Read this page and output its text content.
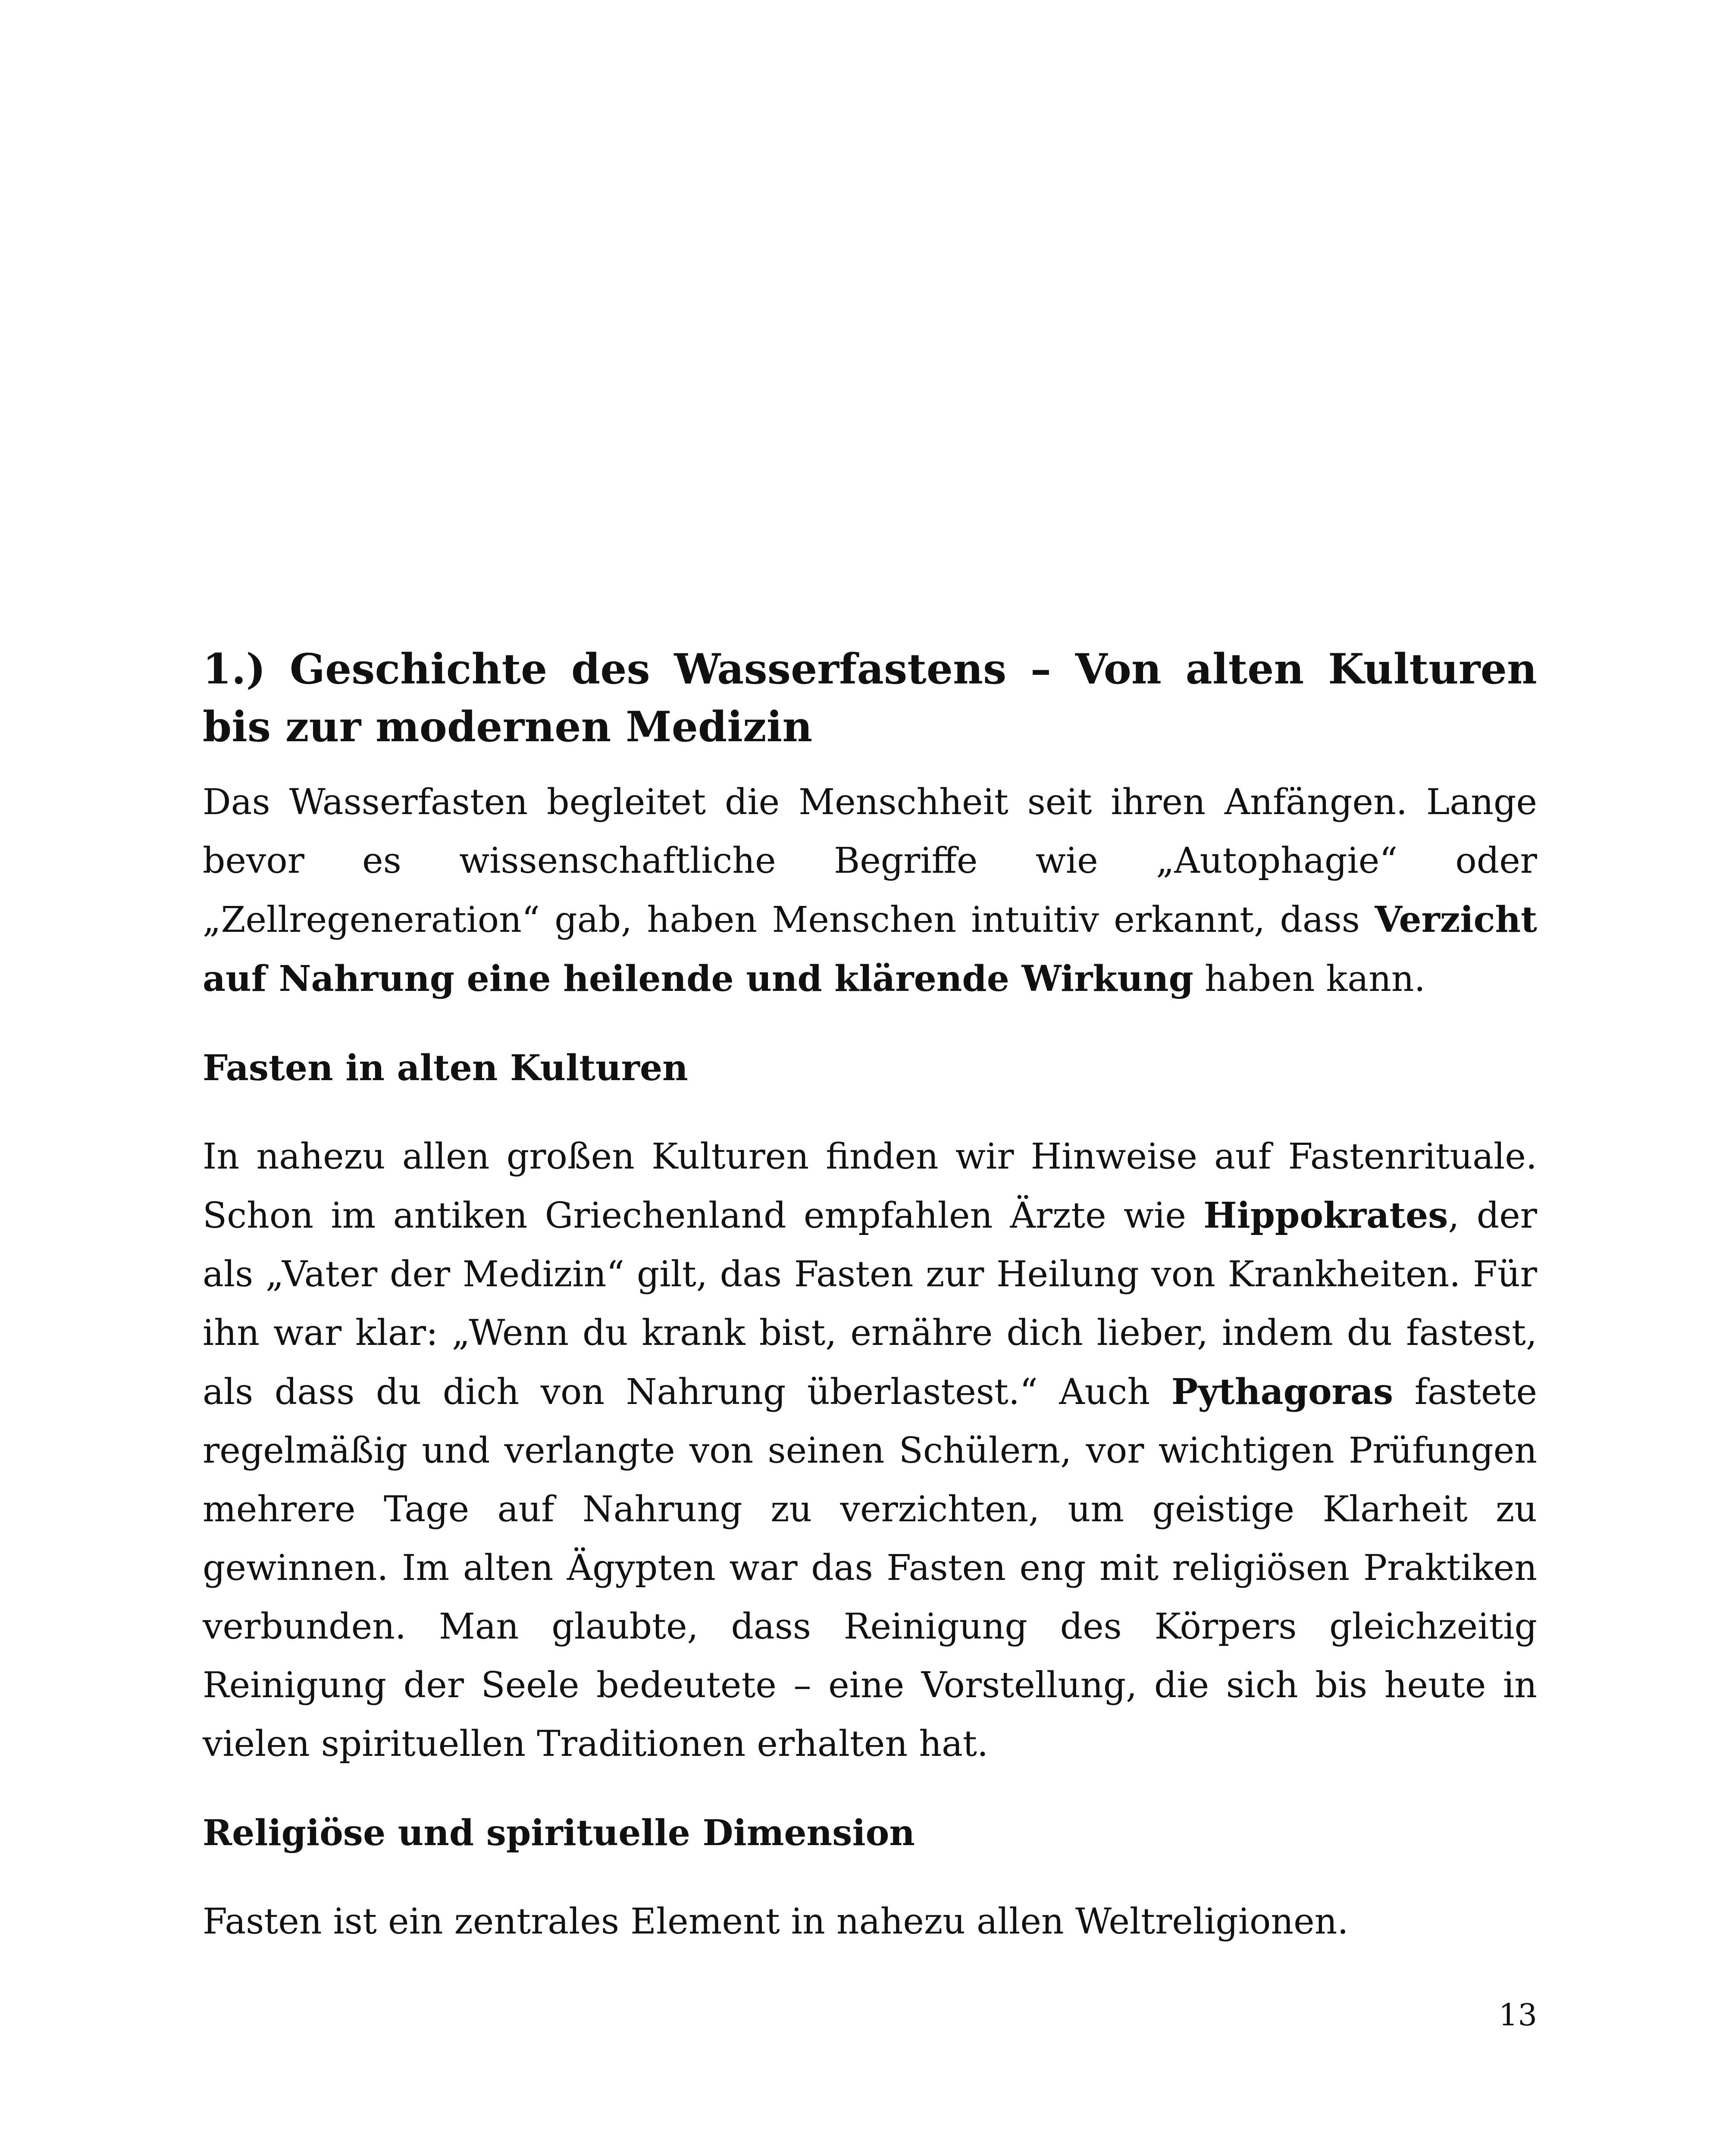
1.) Geschichte des Wasserfastens – Von alten Kulturen bis zur modernen Medizin

Das Wasserfasten begleitet die Menschheit seit ihren Anfängen. Lange bevor es wissenschaftliche Begriffe wie „Autophagie“ oder „Zellregeneration“ gab, haben Menschen intuitiv erkannt, dass Verzicht auf Nahrung eine heilende und klärende Wirkung haben kann.

Fasten in alten Kulturen

In nahezu allen großen Kulturen finden wir Hinweise auf Fastenrituale. Schon im antiken Griechenland empfahlen Ärzte wie Hippokrates, der als „Vater der Medizin“ gilt, das Fasten zur Heilung von Krankheiten. Für ihn war klar: „Wenn du krank bist, ernähre dich lieber, indem du fastest, als dass du dich von Nahrung überlastest.“ Auch Pythagoras fastete regelmäßig und verlangte von seinen Schülern, vor wichtigen Prüfungen mehrere Tage auf Nahrung zu verzichten, um geistige Klarheit zu gewinnen. Im alten Ägypten war das Fasten eng mit religiösen Praktiken verbunden. Man glaubte, dass Reinigung des Körpers gleichzeitig Reinigung der Seele bedeutete – eine Vorstellung, die sich bis heute in vielen spirituellen Traditionen erhalten hat.

Religiöse und spirituelle Dimension

Fasten ist ein zentrales Element in nahezu allen Weltreligionen.

13
